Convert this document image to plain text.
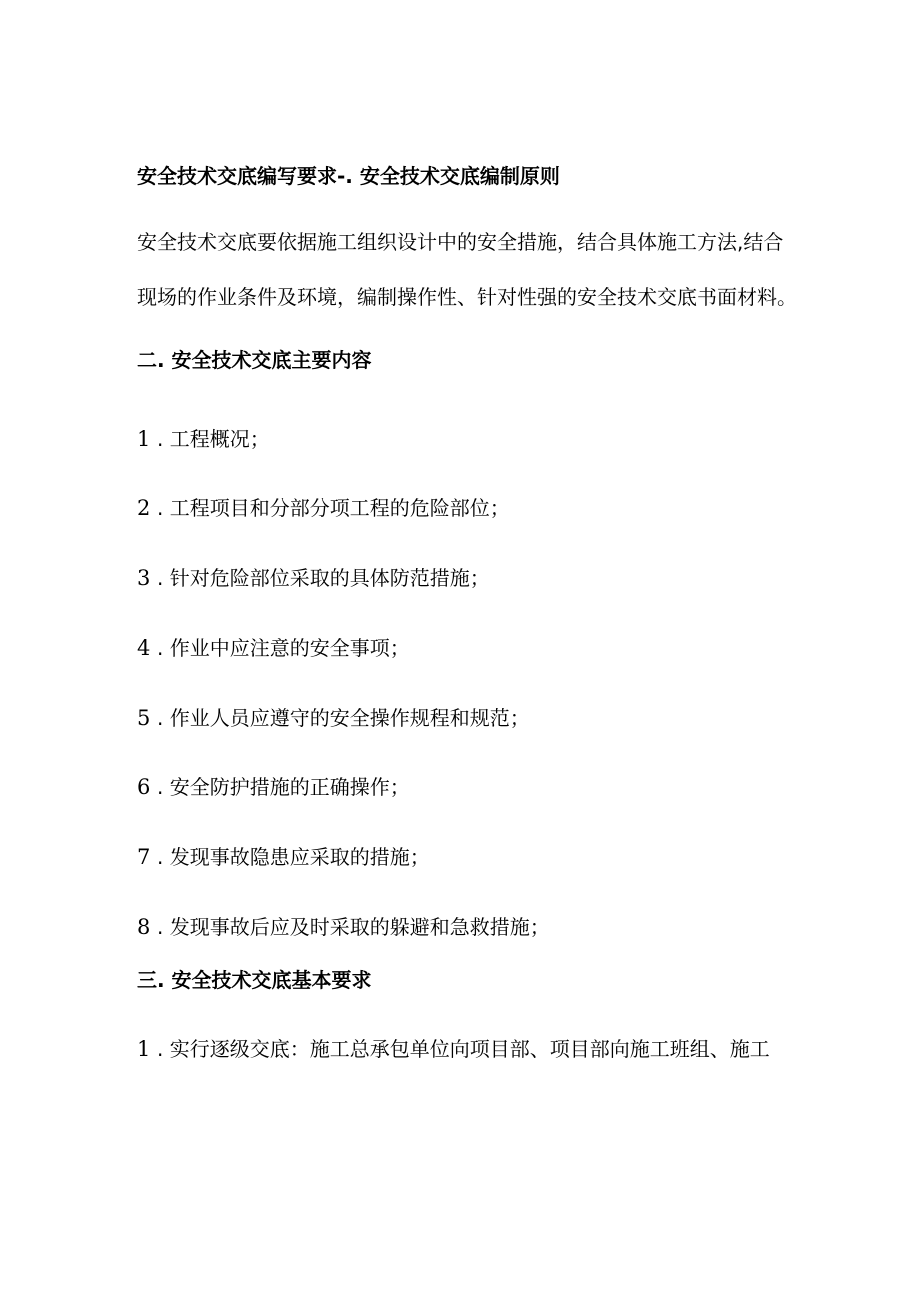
安全技术交底编写要求-. 安全技术交底编制原则
安全技术交底要依据施工组织设计中的安全措施，结合具体施工方法,结合
现场的作业条件及环境，编制操作性、针对性强的安全技术交底书面材料。
二. 安全技术交底主要内容
1 . 工程概况；
2 . 工程项目和分部分项工程的危险部位；
3 . 针对危险部位采取的具体防范措施；
4 . 作业中应注意的安全事项；
5 . 作业人员应遵守的安全操作规程和规范；
6 . 安全防护措施的正确操作；
7 . 发现事故隐患应采取的措施；
8 . 发现事故后应及时采取的躲避和急救措施；
三. 安全技术交底基本要求
1 . 实行逐级交底：施工总承包单位向项目部、项目部向施工班组、施工
